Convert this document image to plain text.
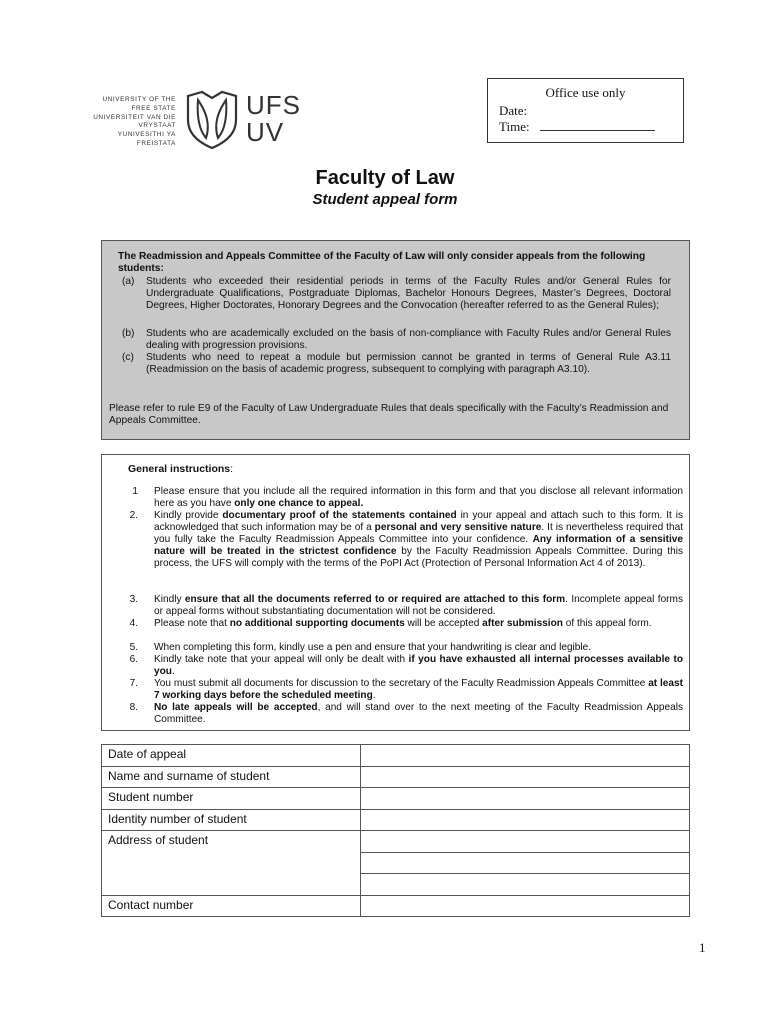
UNIVERSITY OF THE
FREE STATE
UNIVERSITEIT VAN DIE
VRYSTAAT
YUNIVESITHI YA
FREISTATA
UFS
UV
Office use only
Date:
Time:
Faculty of Law
Student appeal form
The Readmission and Appeals Committee of the Faculty of Law will only consider appeals from the following students:
(a) Students who exceeded their residential periods in terms of the Faculty Rules and/or General Rules for Undergraduate Qualifications, Postgraduate Diplomas, Bachelor Honours Degrees, Master’s Degrees, Doctoral Degrees, Higher Doctorates, Honorary Degrees and the Convocation (hereafter referred to as the General Rules);
(b) Students who are academically excluded on the basis of non-compliance with Faculty Rules and/or General Rules dealing with progression provisions.
(c) Students who need to repeat a module but permission cannot be granted in terms of General Rule A3.11 (Readmission on the basis of academic progress, subsequent to complying with paragraph A3.10).
Please refer to rule E9 of the Faculty of Law Undergraduate Rules that deals specifically with the Faculty’s Readmission and Appeals Committee.
General instructions:
1 Please ensure that you include all the required information in this form and that you disclose all relevant information here as you have only one chance to appeal.
2. Kindly provide documentary proof of the statements contained in your appeal and attach such to this form. It is acknowledged that such information may be of a personal and very sensitive nature. It is nevertheless required that you fully take the Faculty Readmission Appeals Committee into your confidence. Any information of a sensitive nature will be treated in the strictest confidence by the Faculty Readmission Appeals Committee. During this process, the UFS will comply with the terms of the PoPI Act (Protection of Personal Information Act 4 of 2013).
3. Kindly ensure that all the documents referred to or required are attached to this form. Incomplete appeal forms or appeal forms without substantiating documentation will not be considered.
4. Please note that no additional supporting documents will be accepted after submission of this appeal form.
5. When completing this form, kindly use a pen and ensure that your handwriting is clear and legible.
6. Kindly take note that your appeal will only be dealt with if you have exhausted all internal processes available to you.
7. You must submit all documents for discussion to the secretary of the Faculty Readmission Appeals Committee at least 7 working days before the scheduled meeting.
8. No late appeals will be accepted, and will stand over to the next meeting of the Faculty Readmission Appeals Committee.
Date of appeal	
Name and surname of student	
Student number	
Identity number of student	
Address of student	

Contact number	
1
